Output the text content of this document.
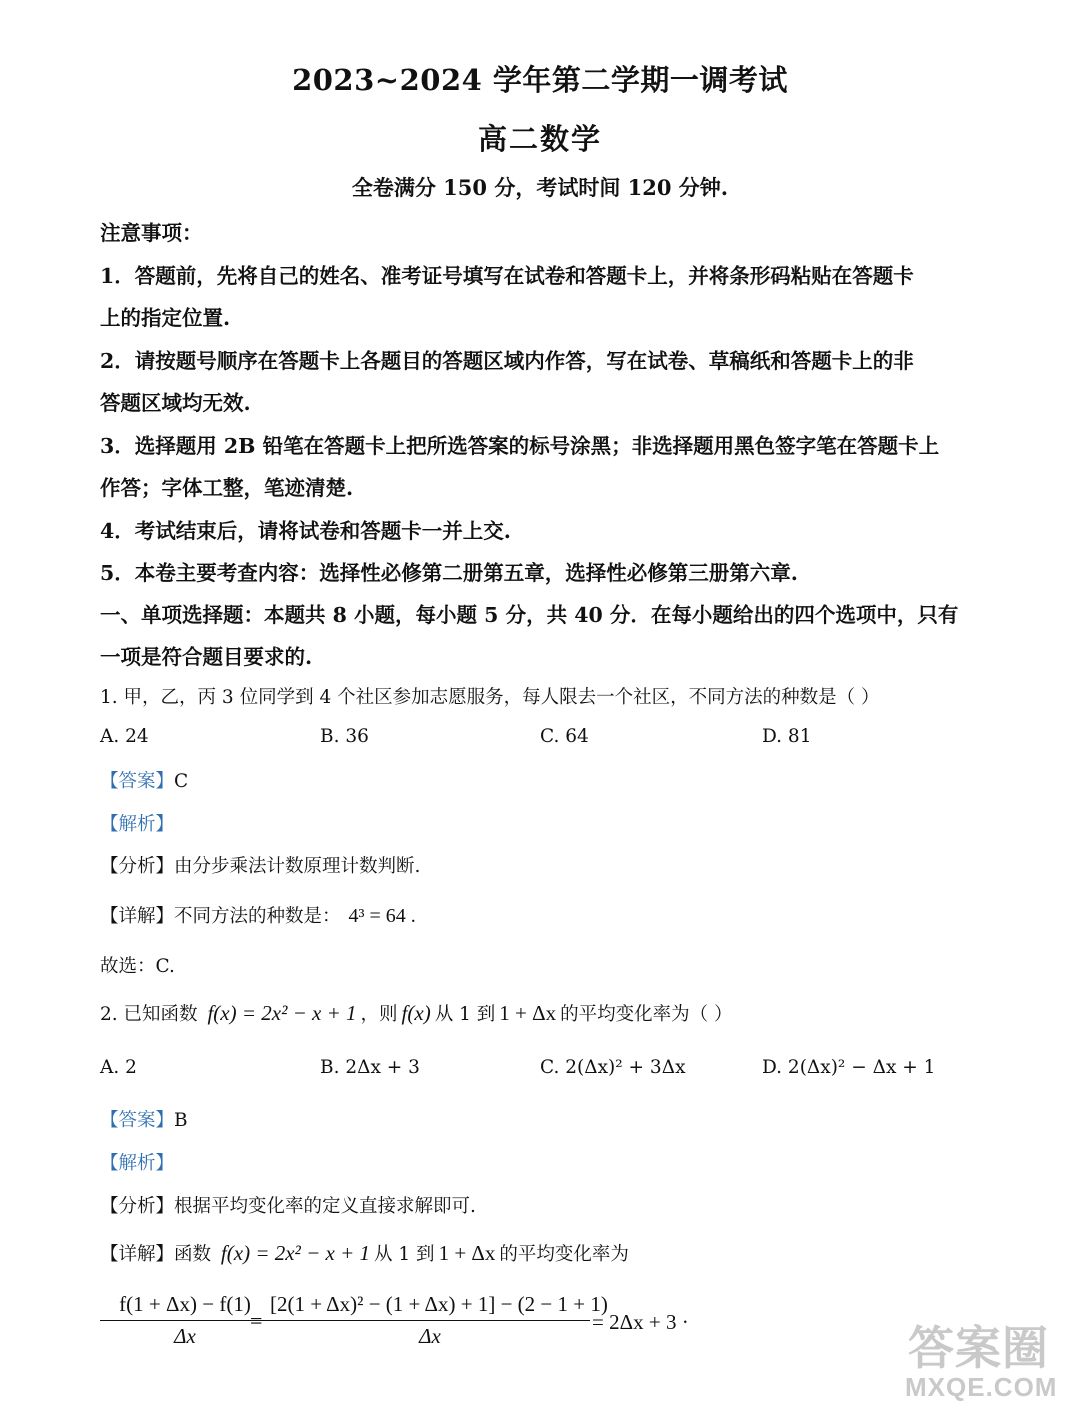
2023~2024 学年第二学期一调考试
高二数学
全卷满分 150 分，考试时间 120 分钟.
注意事项：
1．答题前，先将自己的姓名、准考证号填写在试卷和答题卡上，并将条形码粘贴在答题卡
上的指定位置.
2．请按题号顺序在答题卡上各题目的答题区域内作答，写在试卷、草稿纸和答题卡上的非
答题区域均无效.
3．选择题用 2B 铅笔在答题卡上把所选答案的标号涂黑；非选择题用黑色签字笔在答题卡上
作答；字体工整，笔迹清楚.
4．考试结束后，请将试卷和答题卡一并上交.
5．本卷主要考查内容：选择性必修第二册第五章，选择性必修第三册第六章.
一、单项选择题：本题共 8 小题，每小题 5 分，共 40 分．在每小题给出的四个选项中，只有
一项是符合题目要求的.
1. 甲，乙，丙 3 位同学到 4 个社区参加志愿服务，每人限去一个社区，不同方法的种数是（ ）
A. 24	B. 36	C. 64	D. 81
【答案】C
【解析】
【分析】由分步乘法计数原理计数判断.
【详解】不同方法的种数是： 4³ = 64 .
故选：C.
2. 已知函数 f(x) = 2x² − x + 1 ，则 f(x) 从 1 到 1 + Δx 的平均变化率为（ ）
A. 2	B. 2Δx + 3	C. 2(Δx)² + 3Δx	D. 2(Δx)² − Δx + 1
【答案】B
【解析】
【分析】根据平均变化率的定义直接求解即可.
【详解】函数 f(x) = 2x² − x + 1 从 1 到 1 + Δx 的平均变化率为
f(1 + Δx) − f(1)
Δx
=
[2(1 + Δx)² − (1 + Δx) + 1] − (2 − 1 + 1)
Δx
= 2Δx + 3 ·	答案圈
MXQE.COM
